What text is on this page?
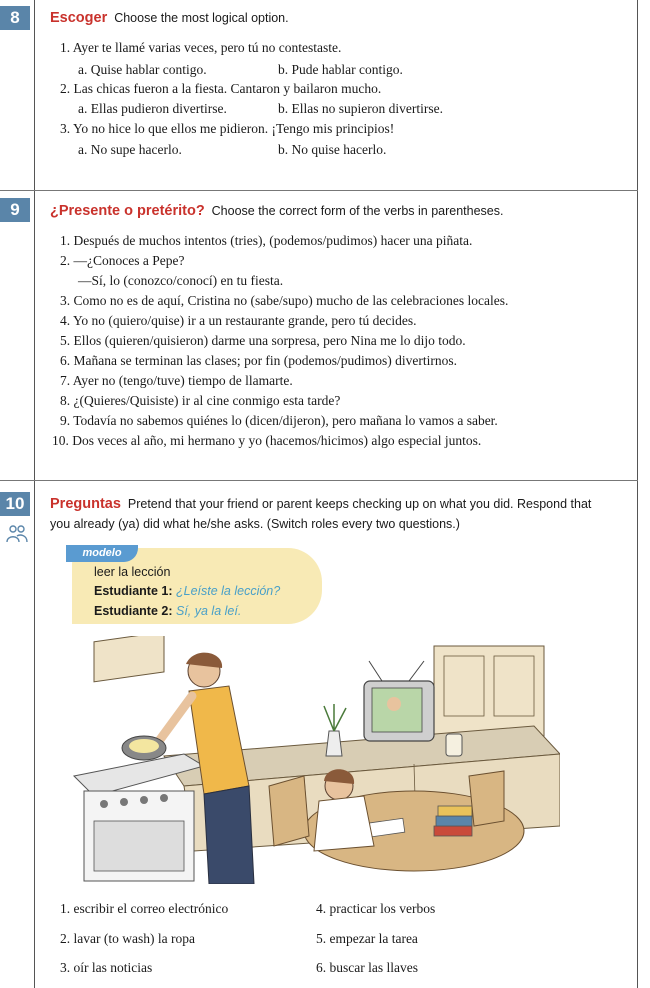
8	Escoger Choose the most logical option.
1. Ayer te llamé varias veces, pero tú no contestaste.
a. Quise hablar contigo.	b. Pude hablar contigo.
2. Las chicas fueron a la fiesta. Cantaron y bailaron mucho.
a. Ellas pudieron divertirse.	b. Ellas no supieron divertirse.
3. Yo no hice lo que ellos me pidieron. ¡Tengo mis principios!
a. No supe hacerlo.	b. No quise hacerlo.
9	¿Presente o pretérito? Choose the correct form of the verbs in parentheses.
1. Después de muchos intentos (tries), (podemos/pudimos) hacer una piñata.
2. —¿Conoces a Pepe?
—Sí, lo (conozco/conocí) en tu fiesta.
3. Como no es de aquí, Cristina no (sabe/supo) mucho de las celebraciones locales.
4. Yo no (quiero/quise) ir a un restaurante grande, pero tú decides.
5. Ellos (quieren/quisieron) darme una sorpresa, pero Nina me lo dijo todo.
6. Mañana se terminan las clases; por fin (podemos/pudimos) divertirnos.
7. Ayer no (tengo/tuve) tiempo de llamarte.
8. ¿(Quieres/Quisiste) ir al cine conmigo esta tarde?
9. Todavía no sabemos quiénes lo (dicen/dijeron), pero mañana lo vamos a saber.
10. Dos veces al año, mi hermano y yo (hacemos/hicimos) algo especial juntos.
10	Preguntas Pretend that your friend or parent keeps checking up on what you did. Respond that
you already (ya) did what he/she asks. (Switch roles every two questions.)
modelo
leer la lección
Estudiante 1: ¿Leíste la lección?
Estudiante 2: Sí, ya la leí.
1. escribir el correo electrónico	4. practicar los verbos
2. lavar (to wash) la ropa	5. empezar la tarea
3. oír las noticias	6. buscar las llaves
